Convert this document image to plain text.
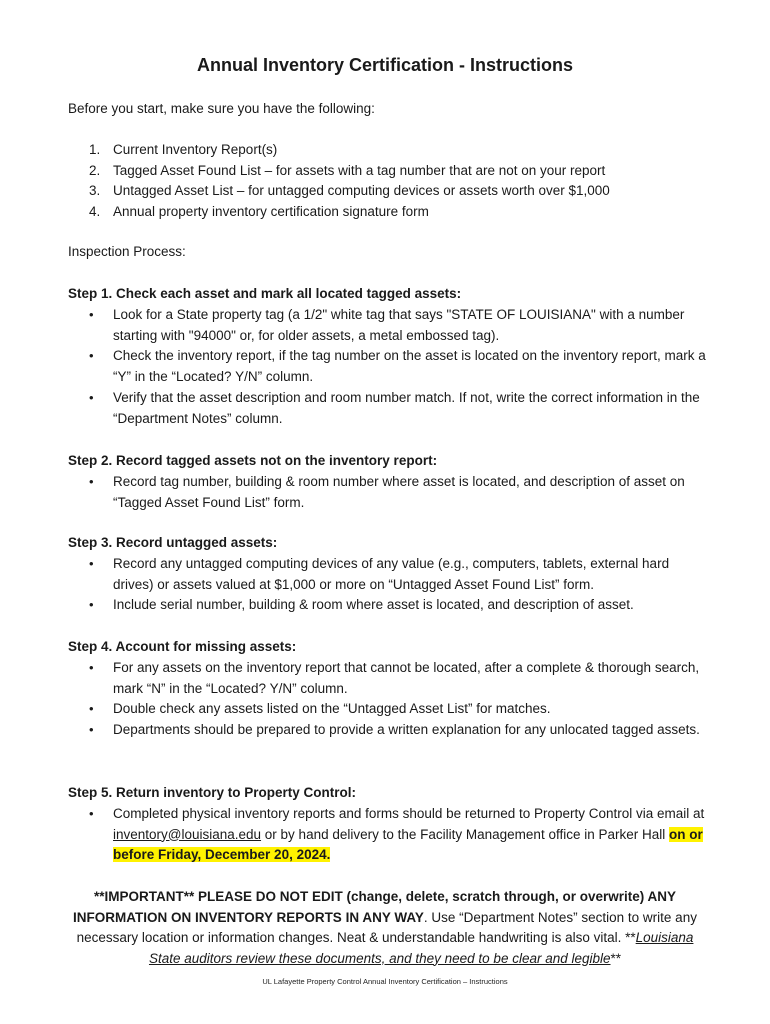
Annual Inventory Certification - Instructions

Before you start, make sure you have the following:

1. Current Inventory Report(s)
2. Tagged Asset Found List – for assets with a tag number that are not on your report
3. Untagged Asset List – for untagged computing devices or assets worth over $1,000
4. Annual property inventory certification signature form

Inspection Process:

Step 1. Check each asset and mark all located tagged assets:
• Look for a State property tag (a 1/2" white tag that says "STATE OF LOUISIANA" with a number starting with "94000" or, for older assets, a metal embossed tag).
• Check the inventory report, if the tag number on the asset is located on the inventory report, mark a “Y” in the “Located? Y/N” column.
• Verify that the asset description and room number match. If not, write the correct information in the “Department Notes” column.
Step 2. Record tagged assets not on the inventory report:
• Record tag number, building & room number where asset is located, and description of asset on “Tagged Asset Found List” form.
Step 3. Record untagged assets:
• Record any untagged computing devices of any value (e.g., computers, tablets, external hard drives) or assets valued at $1,000 or more on “Untagged Asset Found List” form.
• Include serial number, building & room where asset is located, and description of asset.
Step 4. Account for missing assets:
• For any assets on the inventory report that cannot be located, after a complete & thorough search, mark “N” in the “Located? Y/N” column.
• Double check any assets listed on the “Untagged Asset List” for matches.
• Departments should be prepared to provide a written explanation for any unlocated tagged assets.
Step 5. Return inventory to Property Control:
• Completed physical inventory reports and forms should be returned to Property Control via email at inventory@louisiana.edu or by hand delivery to the Facility Management office in Parker Hall on or before Friday, December 20, 2024.

**IMPORTANT** PLEASE DO NOT EDIT (change, delete, scratch through, or overwrite) ANY INFORMATION ON INVENTORY REPORTS IN ANY WAY. Use “Department Notes” section to write any necessary location or information changes. Neat & understandable handwriting is also vital. **Louisiana State auditors review these documents, and they need to be clear and legible**

UL Lafayette Property Control Annual Inventory Certification – Instructions
